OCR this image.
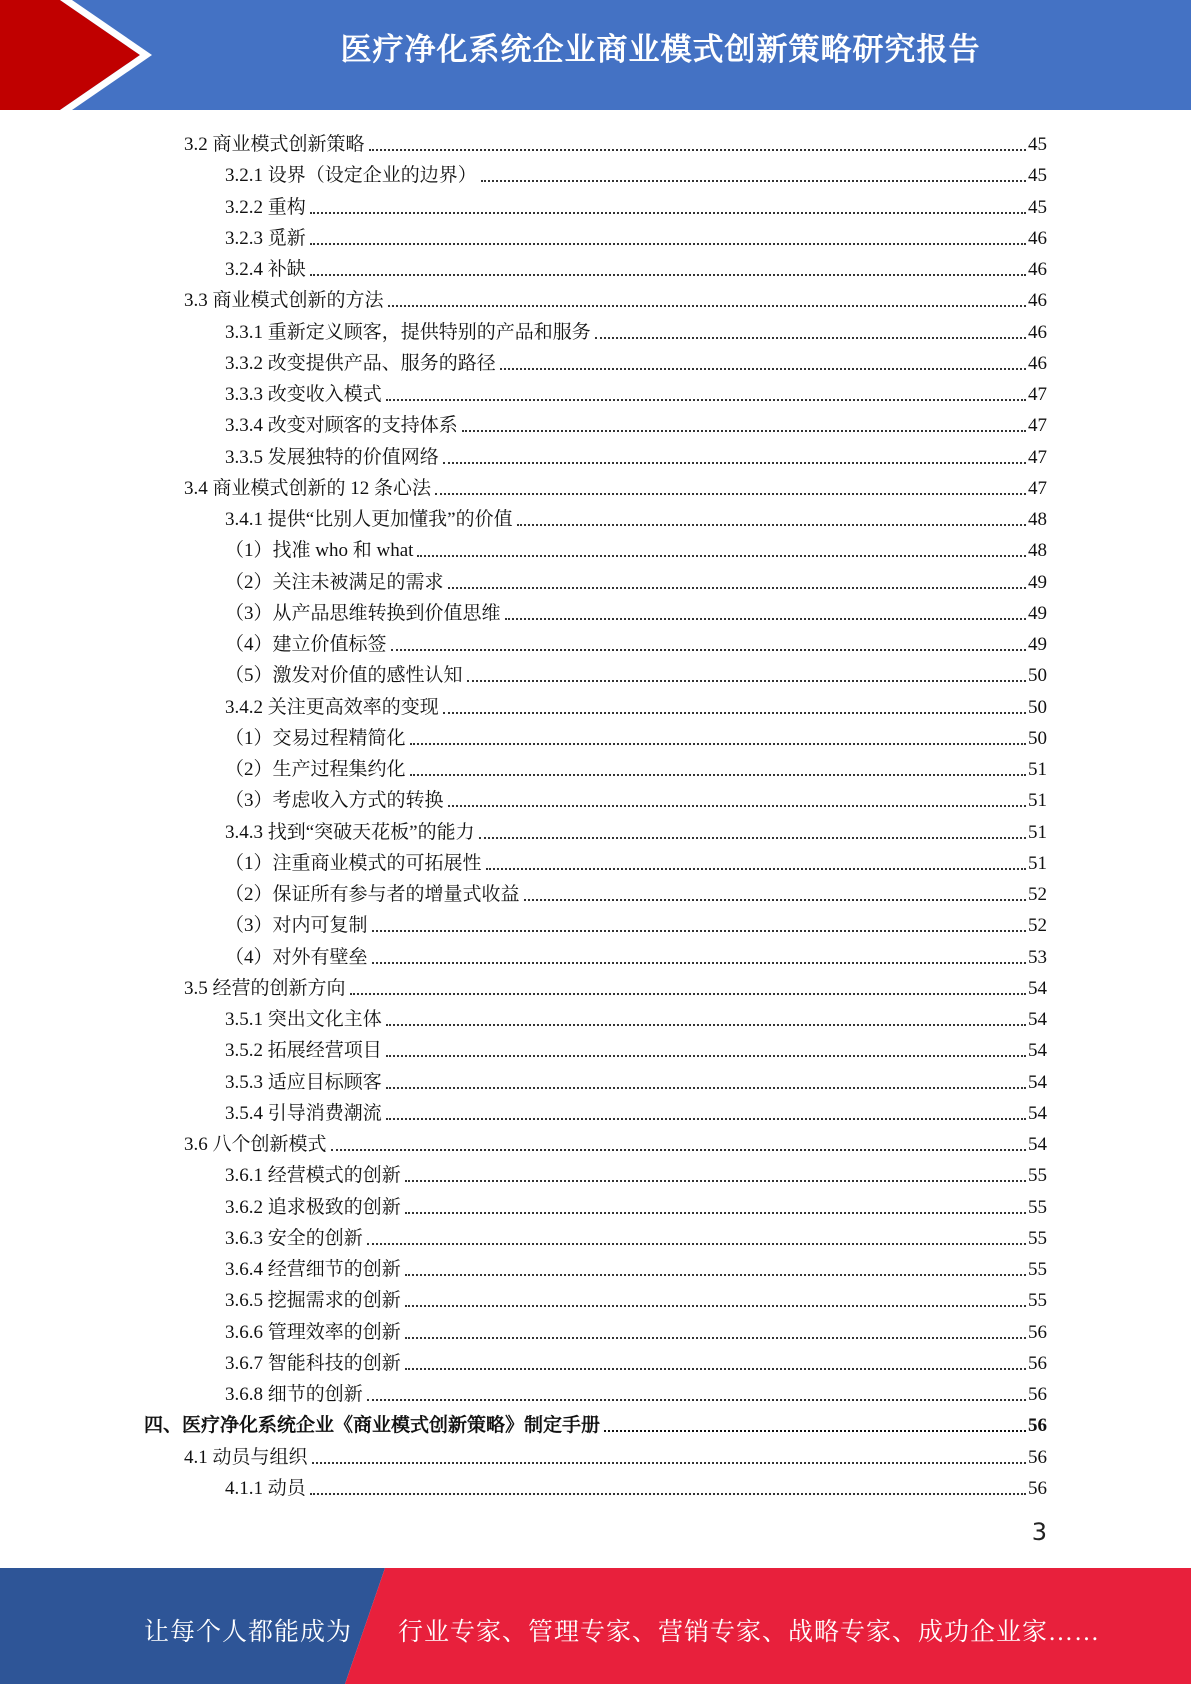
医疗净化系统企业商业模式创新策略研究报告
3.2 商业模式创新策略	45
3.2.1 设界（设定企业的边界）	45
3.2.2 重构	45
3.2.3 觅新	46
3.2.4 补缺	46
3.3 商业模式创新的方法	46
3.3.1 重新定义顾客，提供特别的产品和服务	46
3.3.2 改变提供产品、服务的路径	46
3.3.3 改变收入模式	47
3.3.4 改变对顾客的支持体系	47
3.3.5 发展独特的价值网络	47
3.4 商业模式创新的 12 条心法	47
3.4.1 提供“比别人更加懂我”的价值	48
（1）找准 who 和 what	48
（2）关注未被满足的需求	49
（3）从产品思维转换到价值思维	49
（4）建立价值标签	49
（5）激发对价值的感性认知	50
3.4.2 关注更高效率的变现	50
（1）交易过程精简化	50
（2）生产过程集约化	51
（3）考虑收入方式的转换	51
3.4.3 找到“突破天花板”的能力	51
（1）注重商业模式的可拓展性	51
（2）保证所有参与者的增量式收益	52
（3）对内可复制	52
（4）对外有壁垒	53
3.5 经营的创新方向	54
3.5.1 突出文化主体	54
3.5.2 拓展经营项目	54
3.5.3 适应目标顾客	54
3.5.4 引导消费潮流	54
3.6 八个创新模式	54
3.6.1 经营模式的创新	55
3.6.2 追求极致的创新	55
3.6.3 安全的创新	55
3.6.4 经营细节的创新	55
3.6.5 挖掘需求的创新	55
3.6.6 管理效率的创新	56
3.6.7 智能科技的创新	56
3.6.8 细节的创新	56
四、医疗净化系统企业《商业模式创新策略》制定手册	56
4.1 动员与组织	56
4.1.1 动员	56
3
让每个人都能成为 行业专家、管理专家、营销专家、战略专家、成功企业家……
